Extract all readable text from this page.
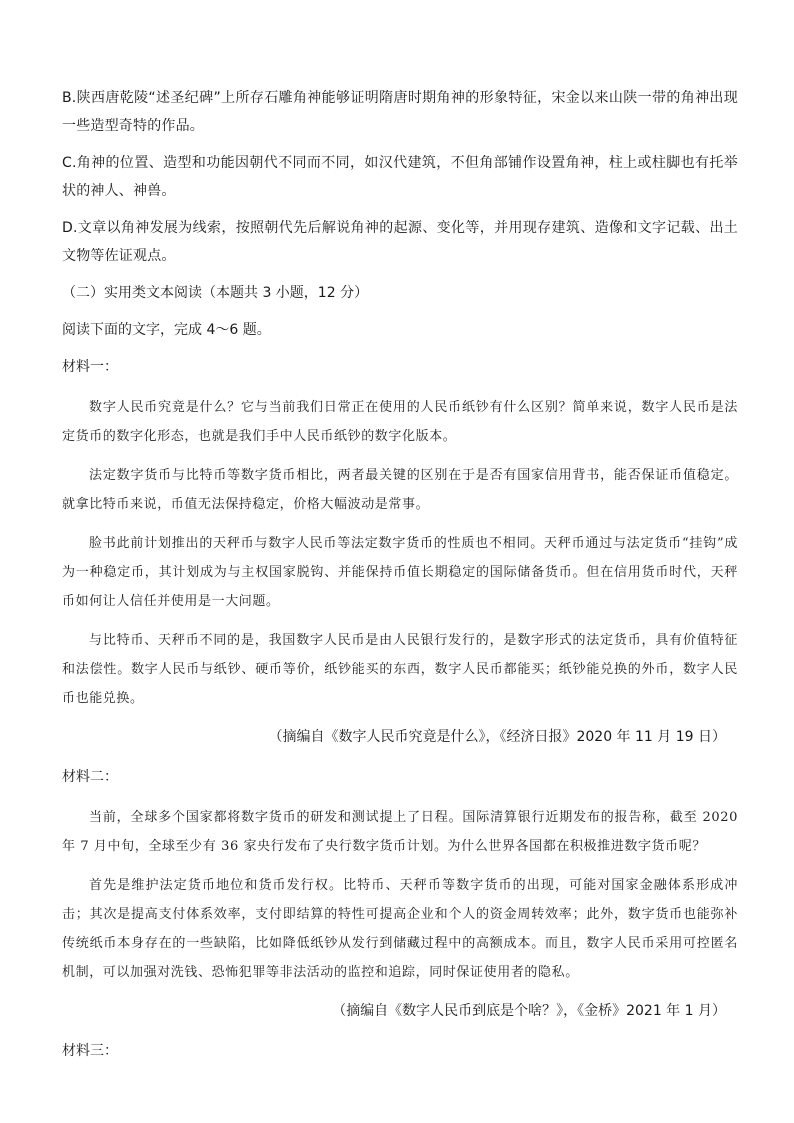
B.陕西唐乾陵“述圣纪碑”上所存石雕角神能够证明隋唐时期角神的形象特征，宋金以来山陕一带的角神出现一些造型奇特的作品。

C.角神的位置、造型和功能因朝代不同而不同，如汉代建筑，不但角部铺作设置角神，柱上或柱脚也有托举状的神人、神兽。

D.文章以角神发展为线索，按照朝代先后解说角神的起源、变化等，并用现存建筑、造像和文字记载、出土文物等佐证观点。

（二）实用类文本阅读（本题共 3 小题，12 分）

阅读下面的文字，完成 4～6 题。

材料一：

数字人民币究竟是什么？它与当前我们日常正在使用的人民币纸钞有什么区别？简单来说，数字人民币是法定货币的数字化形态，也就是我们手中人民币纸钞的数字化版本。

法定数字货币与比特币等数字货币相比，两者最关键的区别在于是否有国家信用背书，能否保证币值稳定。就拿比特币来说，币值无法保持稳定，价格大幅波动是常事。

脸书此前计划推出的天秤币与数字人民币等法定数字货币的性质也不相同。天秤币通过与法定货币“挂钩”成为一种稳定币，其计划成为与主权国家脱钩、并能保持币值长期稳定的国际储备货币。但在信用货币时代，天秤币如何让人信任并使用是一大问题。

与比特币、天秤币不同的是，我国数字人民币是由人民银行发行的，是数字形式的法定货币，具有价值特征和法偿性。数字人民币与纸钞、硬币等价，纸钞能买的东西，数字人民币都能买；纸钞能兑换的外币，数字人民币也能兑换。

（摘编自《数字人民币究竟是什么》，《经济日报》2020 年 11 月 19 日）

材料二：

当前，全球多个国家都将数字货币的研发和测试提上了日程。国际清算银行近期发布的报告称，截至 2020 年 7 月中旬，全球至少有 36 家央行发布了央行数字货币计划。为什么世界各国都在积极推进数字货币呢？

首先是维护法定货币地位和货币发行权。比特币、天秤币等数字货币的出现，可能对国家金融体系形成冲击；其次是提高支付体系效率，支付即结算的特性可提高企业和个人的资金周转效率；此外，数字货币也能弥补传统纸币本身存在的一些缺陷，比如降低纸钞从发行到储藏过程中的高额成本。而且，数字人民币采用可控匿名机制，可以加强对洗钱、恐怖犯罪等非法活动的监控和追踪，同时保证使用者的隐私。

（摘编自《数字人民币到底是个啥？》，《金桥》2021 年 1 月）

材料三：
